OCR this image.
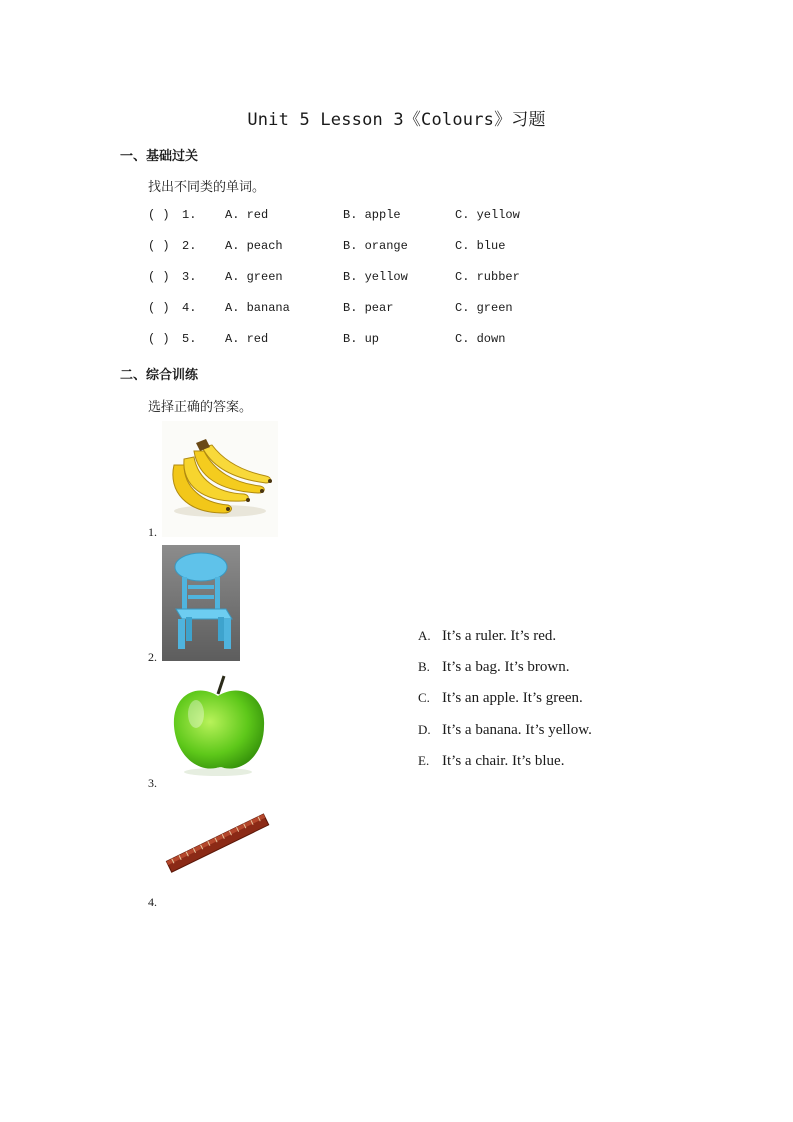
Unit 5 Lesson 3《Colours》习题
一、基础过关
找出不同类的单词。
( ) 1. A. red	B. apple	C. yellow
( ) 2. A. peach	B. orange	C. blue
( ) 3. A. green	B. yellow	C. rubber
( ) 4. A. banana	B. pear	C. green
( ) 5. A. red	B. up	C. down
二、综合训练
选择正确的答案。
1.
2.
3.
4.
A. It’s a ruler. It’s red.
B. It’s a bag. It’s brown.
C. It’s an apple. It’s green.
D. It’s a banana. It’s yellow.
E. It’s a chair. It’s blue.
